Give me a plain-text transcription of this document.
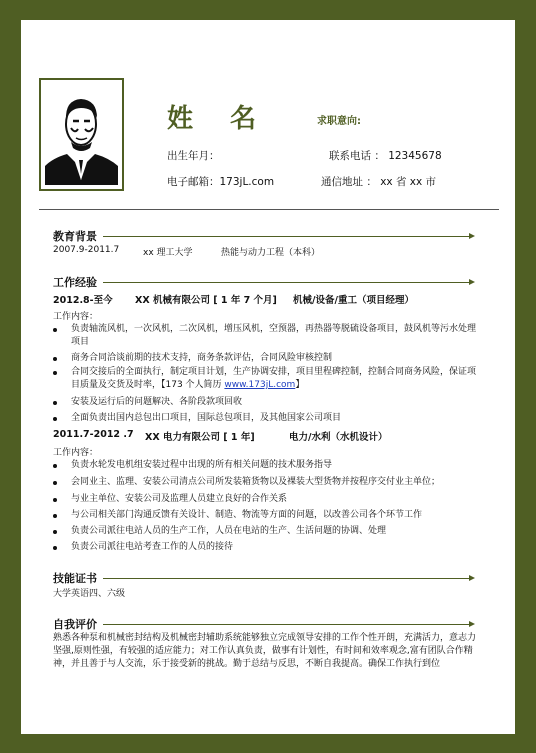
姓 名	求职意向:
出生年月：	联系电话 ： 12345678
电子邮箱：173jL.com	通信地址 ： xx 省 xx 市
教育背景
2007.9-2011.7	xx 理工大学	热能与动力工程（本科）
工作经验
2012.8-至今 XX 机械有限公司 [ 1 年 7 个月] 机械/设备/重工（项目经理）
工作内容：
负责轴流风机，一次风机，二次风机，增压风机，空预器，再热器等脱硫设备项目，鼓风机等污水处理项目
商务合同洽谈前期的技术支持，商务条款评估，合同风险审核控制
合同交接后的全面执行，制定项目计划，生产协调安排，项目里程碑控制，控制合同商务风险，保证项目质量及交货及时率，【173 个人简历 www.173jL.com】
安装及运行后的问题解决、各阶段款项回收
全面负责出国内总包出口项目，国际总包项目，及其他国家公司项目
2011.7-2012 .7 XX 电力有限公司 [ 1 年]	电力/水利（水机设计）
工作内容：
负责水轮发电机组安装过程中出现的所有相关问题的技术服务指导
会同业主、监理、安装公司清点公司所发装箱货物以及裸装大型货物并按程序交付业主单位；
与业主单位、安装公司及监理人员建立良好的合作关系
与公司相关部门沟通反馈有关设计、制造、物流等方面的问题，以改善公司各个环节工作
负责公司派往电站人员的生产工作，人员在电站的生产、生活问题的协调、处理
负责公司派往电站考查工作的人员的接待
技能证书
大学英语四、六级
自我评价
熟悉各种泵和机械密封结构及机械密封辅助系统能够独立完成领导安排的工作个性开朗，充满活力，意志力坚强,原则性强，有较强的适应能力；对工作认真负责，做事有计划性，有时间和效率观念,富有团队合作精神，并且善于与人交流，乐于接受新的挑战。勤于总结与反思，不断自我提高。确保工作执行到位
